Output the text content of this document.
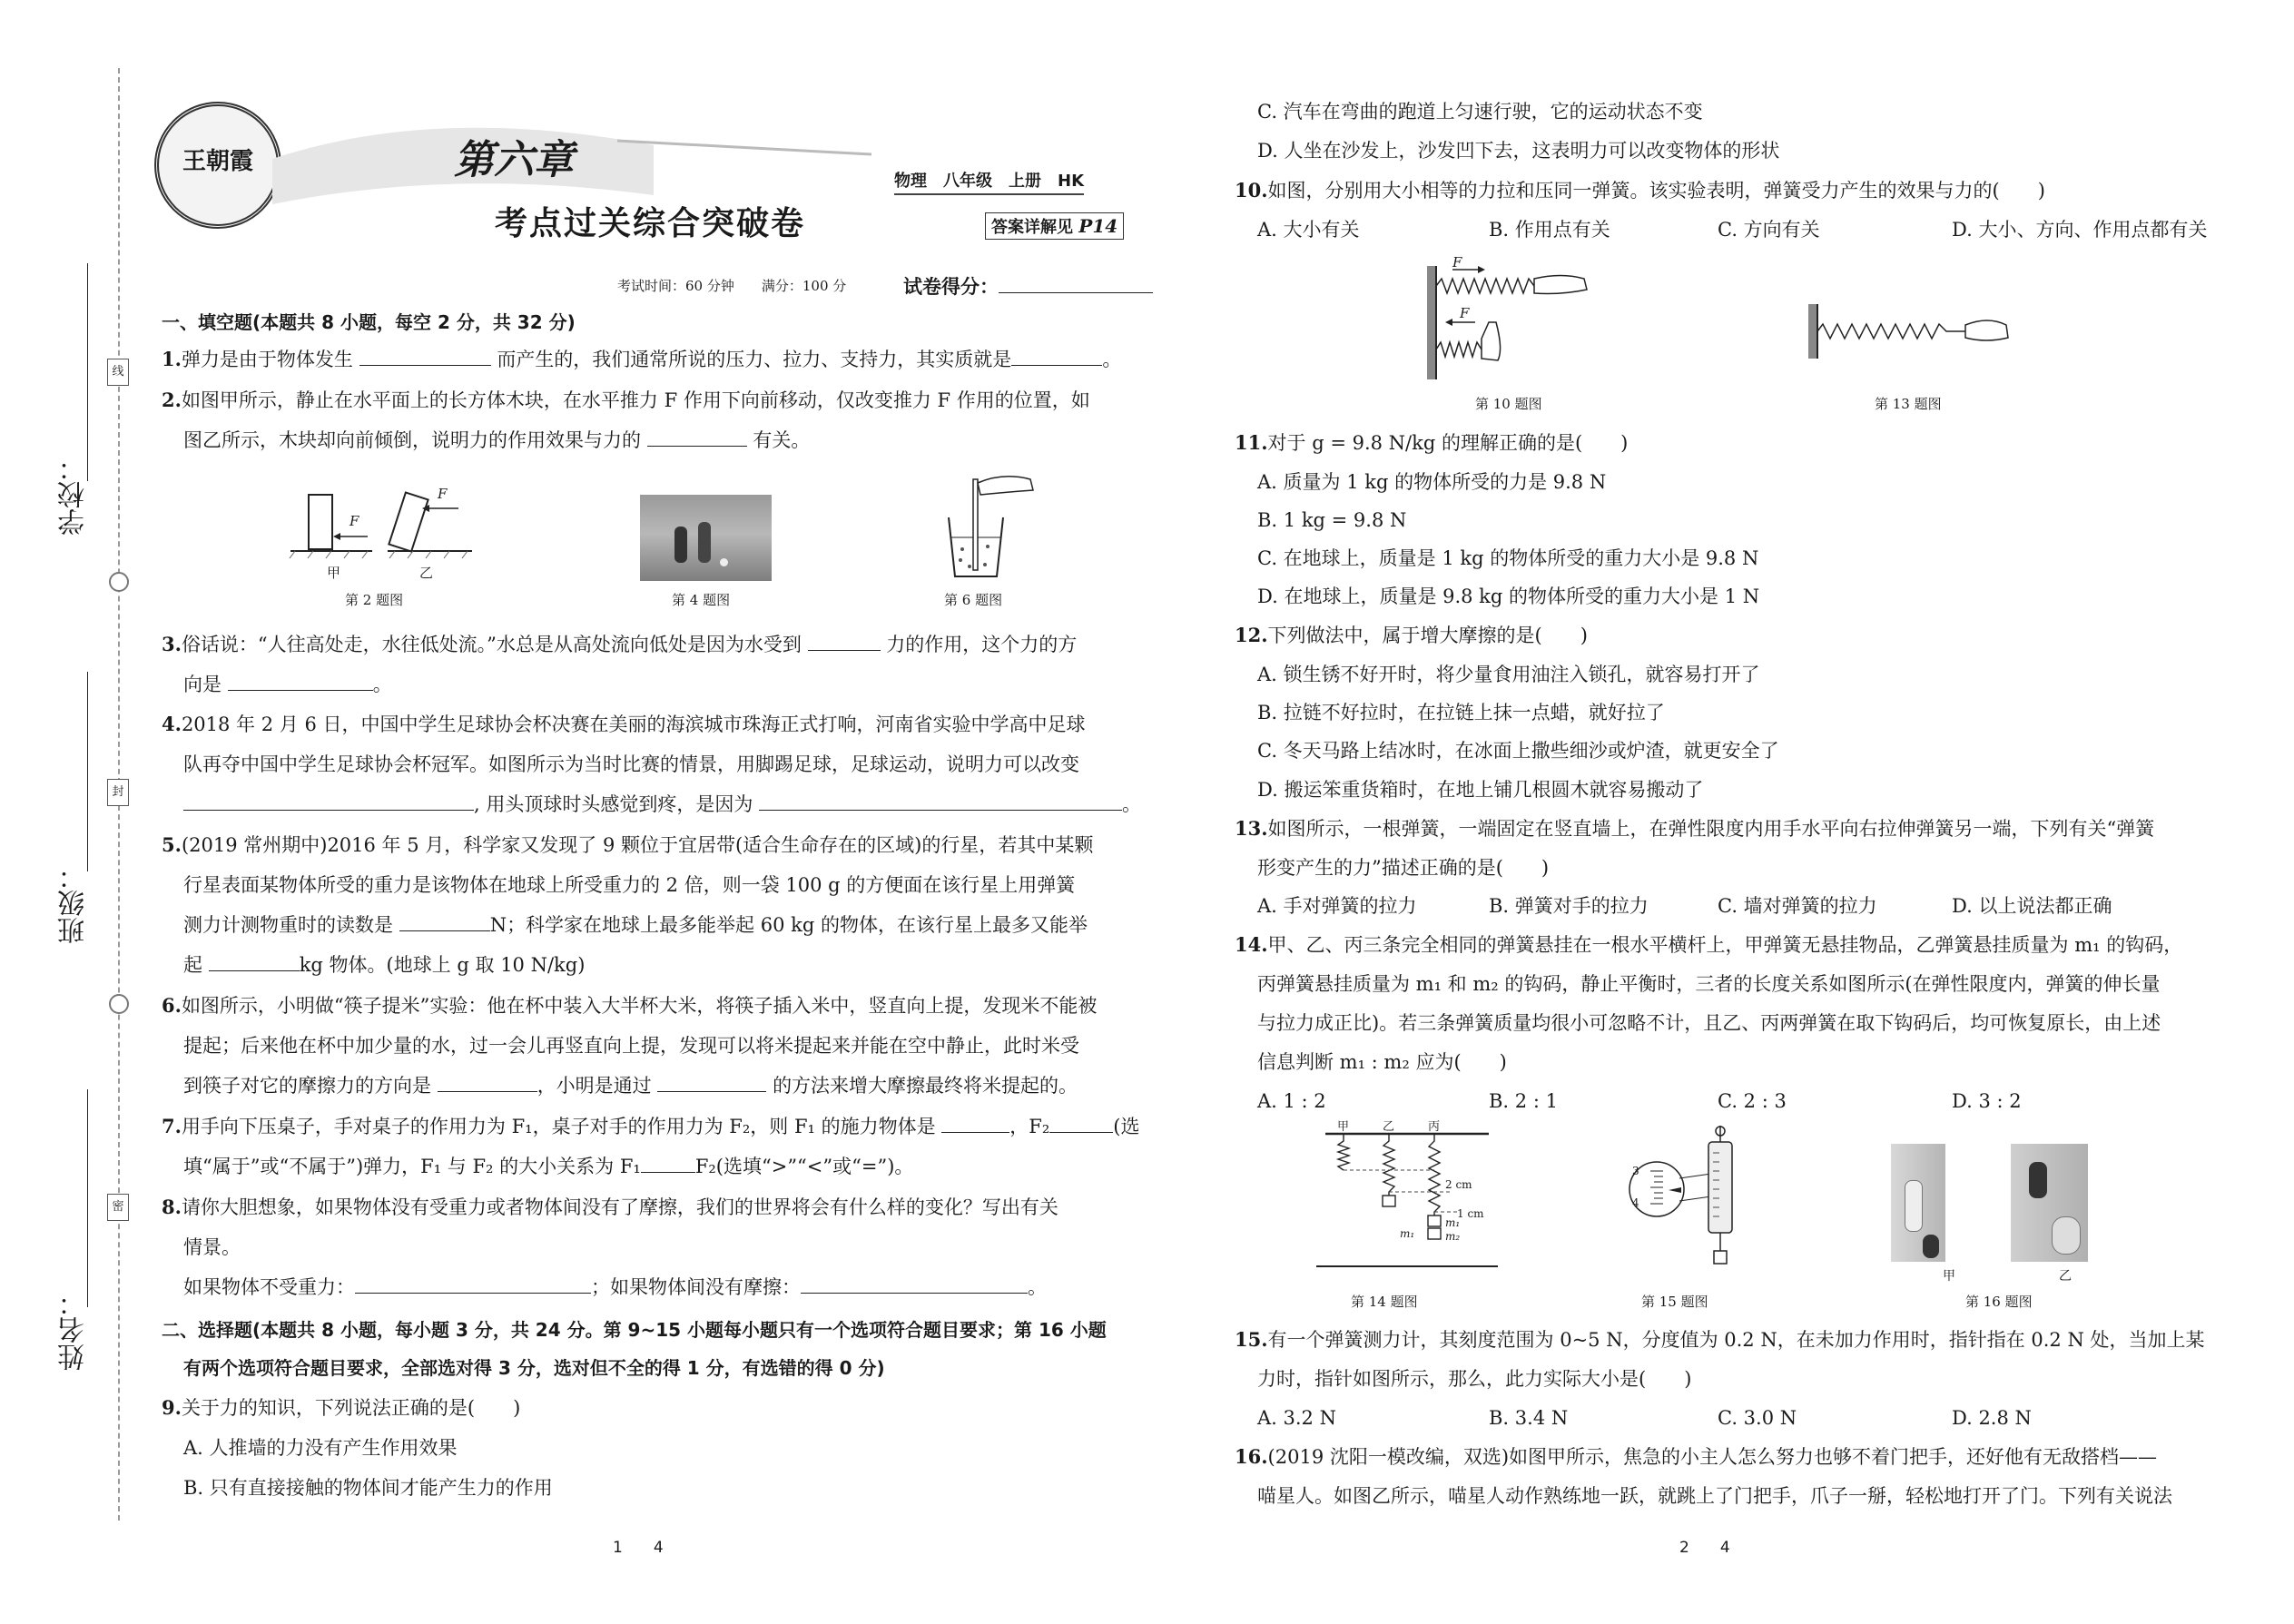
学校：
班级：
姓名：
线
封
密
王朝霞	第六章
考点过关综合突破卷
物理　八年级　上册　HK
答案详解见 P14
考试时间：60 分钟　　满分：100 分	试卷得分：
一、填空题(本题共 8 小题，每空 2 分，共 32 分)
1.弹力是由于物体发生	而产生的，我们通常所说的压力、拉力、支持力，其实质就是	。
2.如图甲所示，静止在水平面上的长方体木块，在水平推力 F 作用下向前移动，仅改变推力 F 作用的位置，如
图乙所示，木块却向前倾倒，说明力的作用效果与力的	有关。
F
F
甲	乙
第 2 题图	第 4 题图	第 6 题图
3.俗话说：“人往高处走，水往低处流。”水总是从高处流向低处是因为水受到	力的作用，这个力的方
向是	。
4.2018 年 2 月 6 日，中国中学生足球协会杯决赛在美丽的海滨城市珠海正式打响，河南省实验中学高中足球
队再夺中国中学生足球协会杯冠军。如图所示为当时比赛的情景，用脚踢足球，足球运动，说明力可以改变
, 用头顶球时头感觉到疼，是因为	。
5.(2019 常州期中)2016 年 5 月，科学家又发现了 9 颗位于宜居带(适合生命存在的区域)的行星，若其中某颗
行星表面某物体所受的重力是该物体在地球上所受重力的 2 倍，则一袋 100 g 的方便面在该行星上用弹簧
测力计测物重时的读数是	N；科学家在地球上最多能举起 60 kg 的物体，在该行星上最多又能举
起	kg 物体。(地球上 g 取 10 N/kg)
6.如图所示，小明做“筷子提米”实验：他在杯中装入大半杯大米，将筷子插入米中，竖直向上提，发现米不能被
提起；后来他在杯中加少量的水，过一会儿再竖直向上提，发现可以将米提起来并能在空中静止，此时米受
到筷子对它的摩擦力的方向是	，小明是通过	的方法来增大摩擦最终将米提起的。
7.用手向下压桌子，手对桌子的作用力为 F₁，桌子对手的作用力为 F₂，则 F₁ 的施力物体是	，F₂	(选
填“属于”或“不属于”)弹力，F₁ 与 F₂ 的大小关系为 F₁	F₂(选填“>”“<”或“=”)。
8.请你大胆想象，如果物体没有受重力或者物体间没有了摩擦，我们的世界将会有什么样的变化？写出有关
情景。
如果物体不受重力：	；如果物体间没有摩擦：	。
二、选择题(本题共 8 小题，每小题 3 分，共 24 分。第 9~15 小题每小题只有一个选项符合题目要求；第 16 小题
有两个选项符合题目要求，全部选对得 3 分，选对但不全的得 1 分，有选错的得 0 分)
9.关于力的知识，下列说法正确的是(　　)
A. 人推墙的力没有产生作用效果
B. 只有直接接触的物体间才能产生力的作用
1　　4
C. 汽车在弯曲的跑道上匀速行驶，它的运动状态不变
D. 人坐在沙发上，沙发凹下去，这表明力可以改变物体的形状
10.如图，分别用大小相等的力拉和压同一弹簧。该实验表明，弹簧受力产生的效果与力的(　　)
A. 大小有关	B. 作用点有关	C. 方向有关	D. 大小、方向、作用点都有关
F
F
第 10 题图	第 13 题图
11.对于 g = 9.8 N/kg 的理解正确的是(　　)
A. 质量为 1 kg 的物体所受的力是 9.8 N
B. 1 kg = 9.8 N
C. 在地球上，质量是 1 kg 的物体所受的重力大小是 9.8 N
D. 在地球上，质量是 9.8 kg 的物体所受的重力大小是 1 N
12.下列做法中，属于增大摩擦的是(　　)
A. 锁生锈不好开时，将少量食用油注入锁孔，就容易打开了
B. 拉链不好拉时，在拉链上抹一点蜡，就好拉了
C. 冬天马路上结冰时，在冰面上撒些细沙或炉渣，就更安全了
D. 搬运笨重货箱时，在地上铺几根圆木就容易搬动了
13.如图所示，一根弹簧，一端固定在竖直墙上，在弹性限度内用手水平向右拉伸弹簧另一端，下列有关“弹簧
形变产生的力”描述正确的是(　　)
A. 手对弹簧的拉力	B. 弹簧对手的拉力	C. 墙对弹簧的拉力	D. 以上说法都正确
14.甲、乙、丙三条完全相同的弹簧悬挂在一根水平横杆上，甲弹簧无悬挂物品，乙弹簧悬挂质量为 m₁ 的钩码，
丙弹簧悬挂质量为 m₁ 和 m₂ 的钩码，静止平衡时，三者的长度关系如图所示(在弹性限度内，弹簧的伸长量
与拉力成正比)。若三条弹簧质量均很小可忽略不计，且乙、丙两弹簧在取下钩码后，均可恢复原长，由上述
信息判断 m₁ : m₂ 应为(　　)
A. 1 : 2	B. 2 : 1	C. 2 : 3	D. 3 : 2
甲	乙	丙
2 cm
1 cm
m₁
m₁
m₂
第 14 题图
3
4
第 15 题图
甲	乙
第 16 题图
15.有一个弹簧测力计，其刻度范围为 0~5 N，分度值为 0.2 N，在未加力作用时，指针指在 0.2 N 处，当加上某
力时，指针如图所示，那么，此力实际大小是(　　)
A. 3.2 N	B. 3.4 N	C. 3.0 N	D. 2.8 N
16.(2019 沈阳一模改编，双选)如图甲所示，焦急的小主人怎么努力也够不着门把手，还好他有无敌搭档——
喵星人。如图乙所示，喵星人动作熟练地一跃，就跳上了门把手，爪子一掰，轻松地打开了门。下列有关说法
2　　4
